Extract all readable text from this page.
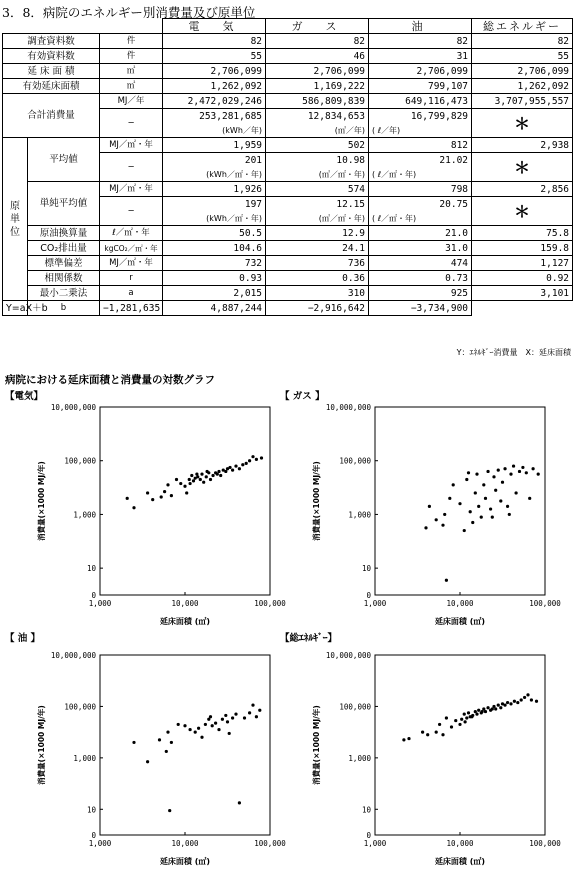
3．8．病院のエネルギー別消費量及び原単位
			電　気	ガ　ス	油	総エネルギー
調査資料数		件	82	82	82	82
有効資料数		件	55	46	31	55
延 床 面 積		㎡	2,706,099	2,706,099	2,706,099	2,706,099
有効延床面積		㎡	1,262,092	1,169,222	799,107	1,262,092
合計消費量		MJ／年	2,472,029,246	586,809,839	649,116,473	3,707,955,557
		−	253,281,685	12,834,653	16,799,829	＊
			(kWh／年)	(㎥／年)	( ℓ／年)	
原
単
位	平均値	MJ／㎡・年	1,959	502	812	2,938
		−	201	10.98	21.02	＊
			(kWh／㎡・年)	(㎥／㎡・年)	( ℓ／㎡・年)	
	単純平均値	MJ／㎡・年	1,926	574	798	2,856
		−	197	12.15	20.75	＊
			(kWh／㎡・年)	(㎥／㎡・年)	( ℓ／㎡・年)	
	原油換算量	ℓ／㎡・年	50.5	12.9	21.0	75.8
	CO₂排出量	kgCO₂／㎡・年	104.6	24.1	31.0	159.8
	標準偏差	MJ／㎡・年	732	736	474	1,127
	相関係数	r	0.93	0.36	0.73	0.92
	最小二乗法	a	2,015	310	925	3,101
Y=aX＋b	b	−1,281,635	4,887,244	−2,916,642	−3,734,900	
Y：ｴﾈﾙｷﾞｰ消費量　X：延床面積
病院における延床面積と消費量の対数グラフ
【電気】	【 ガス 】
【 油 】	【総ｴﾈﾙｷﾞｰ】
10,000,000
100,000
1,000
10
0
1,000	10,000	100,000
延床面積 (㎡)
消費量(×1000 MJ/年)
10,000,000
100,000
1,000
10
0
1,000	10,000	100,000
延床面積 (㎡)
消費量(×1000 MJ/年)
10,000,000
100,000
1,000
10
0
1,000	10,000	100,000
延床面積 (㎡)
消費量(×1000 MJ/年)
10,000,000
100,000
1,000
10
0
1,000	10,000	100,000
延床面積 (㎡)
消費量(×1000 MJ/年)
